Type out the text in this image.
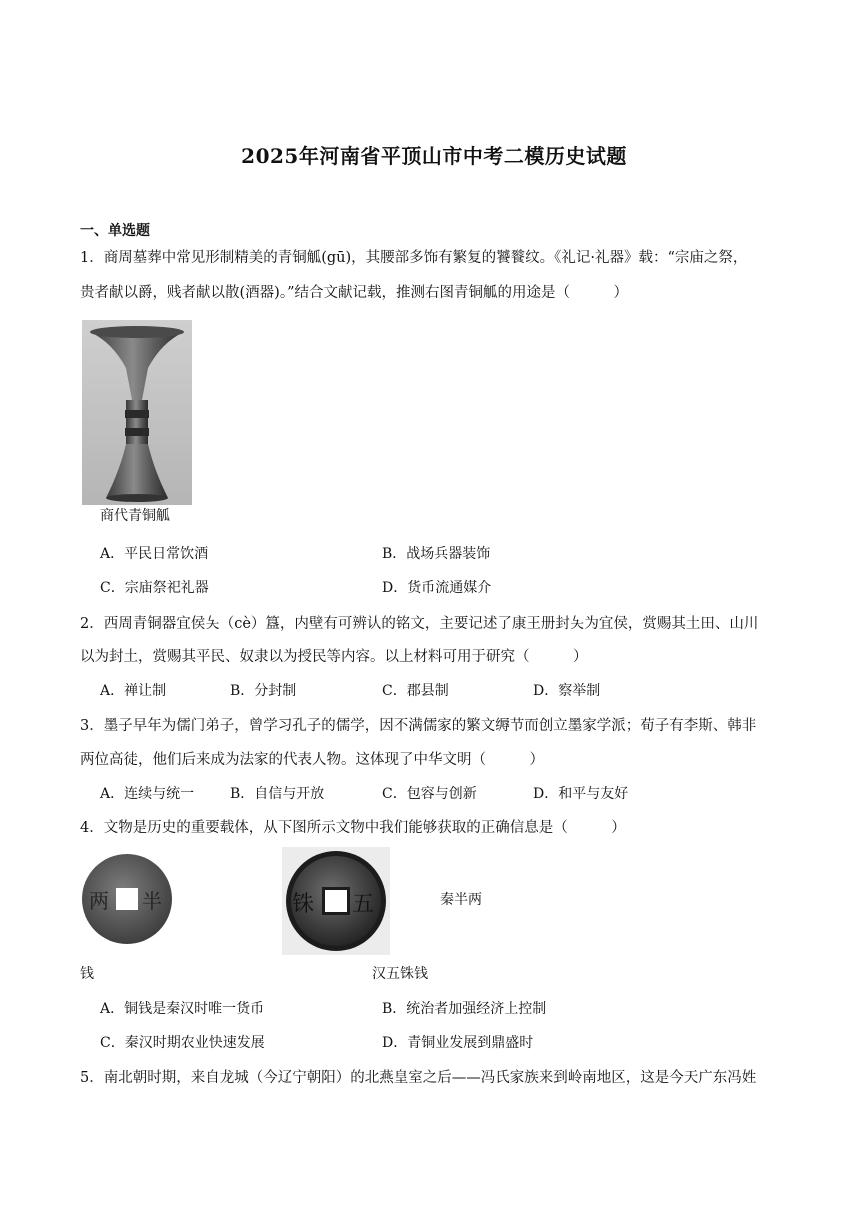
2025年河南省平顶山市中考二模历史试题
一、单选题
1．商周墓葬中常见形制精美的青铜觚(gū)，其腰部多饰有繁复的饕餮纹。《礼记·礼器》载：“宗庙之祭，
贵者献以爵，贱者献以散(酒器)。”结合文献记载，推测右图青铜觚的用途是（　　　）
商代青铜觚
A．平民日常饮酒	B．战场兵器装饰
C．宗庙祭祀礼器	D．货币流通媒介
2．西周青铜器宜侯夨（cè）簋，内壁有可辨认的铭文，主要记述了康王册封夨为宜侯，赏赐其土田、山川
以为封土，赏赐其平民、奴隶以为授民等内容。以上材料可用于研究（　　　）
A．禅让制	B．分封制	C．郡县制	D．察举制
3．墨子早年为儒门弟子，曾学习孔子的儒学，因不满儒家的繁文缛节而创立墨家学派；荀子有李斯、韩非
两位高徒，他们后来成为法家的代表人物。这体现了中华文明（　　　）
A．连续与统一	B．自信与开放	C．包容与创新	D．和平与友好
4．文物是历史的重要载体，从下图所示文物中我们能够获取的正确信息是（　　　）
两 半	铢 五	秦半两
钱	汉五铢钱
A．铜钱是秦汉时唯一货币	B．统治者加强经济上控制
C．秦汉时期农业快速发展	D．青铜业发展到鼎盛时
5．南北朝时期，来自龙城（今辽宁朝阳）的北燕皇室之后——冯氏家族来到岭南地区，这是今天广东冯姓
